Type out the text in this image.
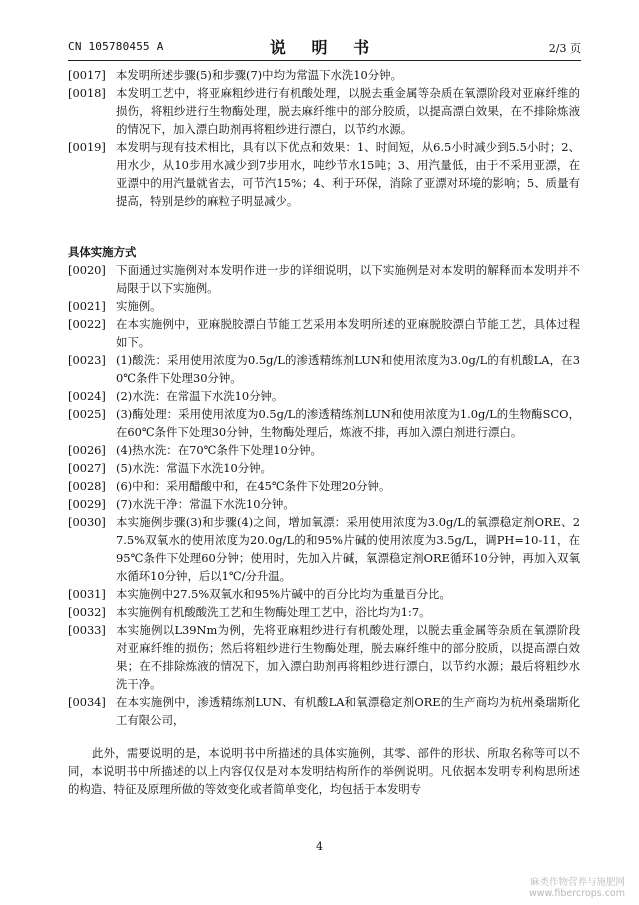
CN 105780455 A	说 明 书	2/3 页
[0017] 本发明所述步骤(5)和步骤(7)中均为常温下水洗10分钟。
[0018] 本发明工艺中，将亚麻粗纱进行有机酸处理，以脱去重金属等杂质在氧漂阶段对亚麻纤维的损伤，将粗纱进行生物酶处理，脱去麻纤维中的部分胶质，以提高漂白效果，在不排除炼液的情况下，加入漂白助剂再将粗纱进行漂白，以节约水源。
[0019] 本发明与现有技术相比，具有以下优点和效果：1、时间短，从6.5小时减少到5.5小时；2、用水少，从10步用水减少到7步用水，吨纱节水15吨；3、用汽量低，由于不采用亚漂，在亚漂中的用汽量就省去，可节汽15%；4、利于环保，消除了亚漂对环境的影响；5、质量有提高，特别是纱的麻粒子明显减少。
具体实施方式
[0020] 下面通过实施例对本发明作进一步的详细说明，以下实施例是对本发明的解释而本发明并不局限于以下实施例。
[0021] 实施例。
[0022] 在本实施例中，亚麻脱胶漂白节能工艺采用本发明所述的亚麻脱胶漂白节能工艺，具体过程如下。
[0023] (1)酸洗：采用使用浓度为0.5g/L的渗透精练剂LUN和使用浓度为3.0g/L的有机酸LA，在30℃条件下处理30分钟。
[0024] (2)水洗：在常温下水洗10分钟。
[0025] (3)酶处理：采用使用浓度为0.5g/L的渗透精练剂LUN和使用浓度为1.0g/L的生物酶SCO，在60℃条件下处理30分钟，生物酶处理后，炼液不排，再加入漂白剂进行漂白。
[0026] (4)热水洗：在70℃条件下处理10分钟。
[0027] (5)水洗：常温下水洗10分钟。
[0028] (6)中和：采用醋酸中和，在45℃条件下处理20分钟。
[0029] (7)水洗干净：常温下水洗10分钟。
[0030] 本实施例步骤(3)和步骤(4)之间，增加氧漂：采用使用浓度为3.0g/L的氧漂稳定剂ORE、27.5%双氧水的使用浓度为20.0g/L的和95%片碱的使用浓度为3.5g/L，调PH=10-11，在95℃条件下处理60分钟；使用时，先加入片碱，氧漂稳定剂ORE循环10分钟，再加入双氧水循环10分钟，后以1℃/分升温。
[0031] 本实施例中27.5%双氧水和95%片碱中的百分比均为重量百分比。
[0032] 本实施例有机酸酸洗工艺和生物酶处理工艺中，浴比均为1:7。
[0033] 本实施例以L39Nm为例，先将亚麻粗纱进行有机酸处理，以脱去重金属等杂质在氧漂阶段对亚麻纤维的损伤；然后将粗纱进行生物酶处理，脱去麻纤维中的部分胶质，以提高漂白效果；在不排除炼液的情况下，加入漂白助剂再将粗纱进行漂白，以节约水源；最后将粗纱水洗干净。
[0034] 在本实施例中，渗透精练剂LUN、有机酸LA和氧漂稳定剂ORE的生产商均为杭州桑瑞斯化工有限公司，
此外，需要说明的是，本说明书中所描述的具体实施例，其零、部件的形状、所取名称等可以不同，本说明书中所描述的以上内容仅仅是对本发明结构所作的举例说明。凡依据本发明专利构思所述的构造、特征及原理所做的等效变化或者简单变化，均包括于本发明专
4
麻类作物营养与施肥网
www.fibercrops.com
